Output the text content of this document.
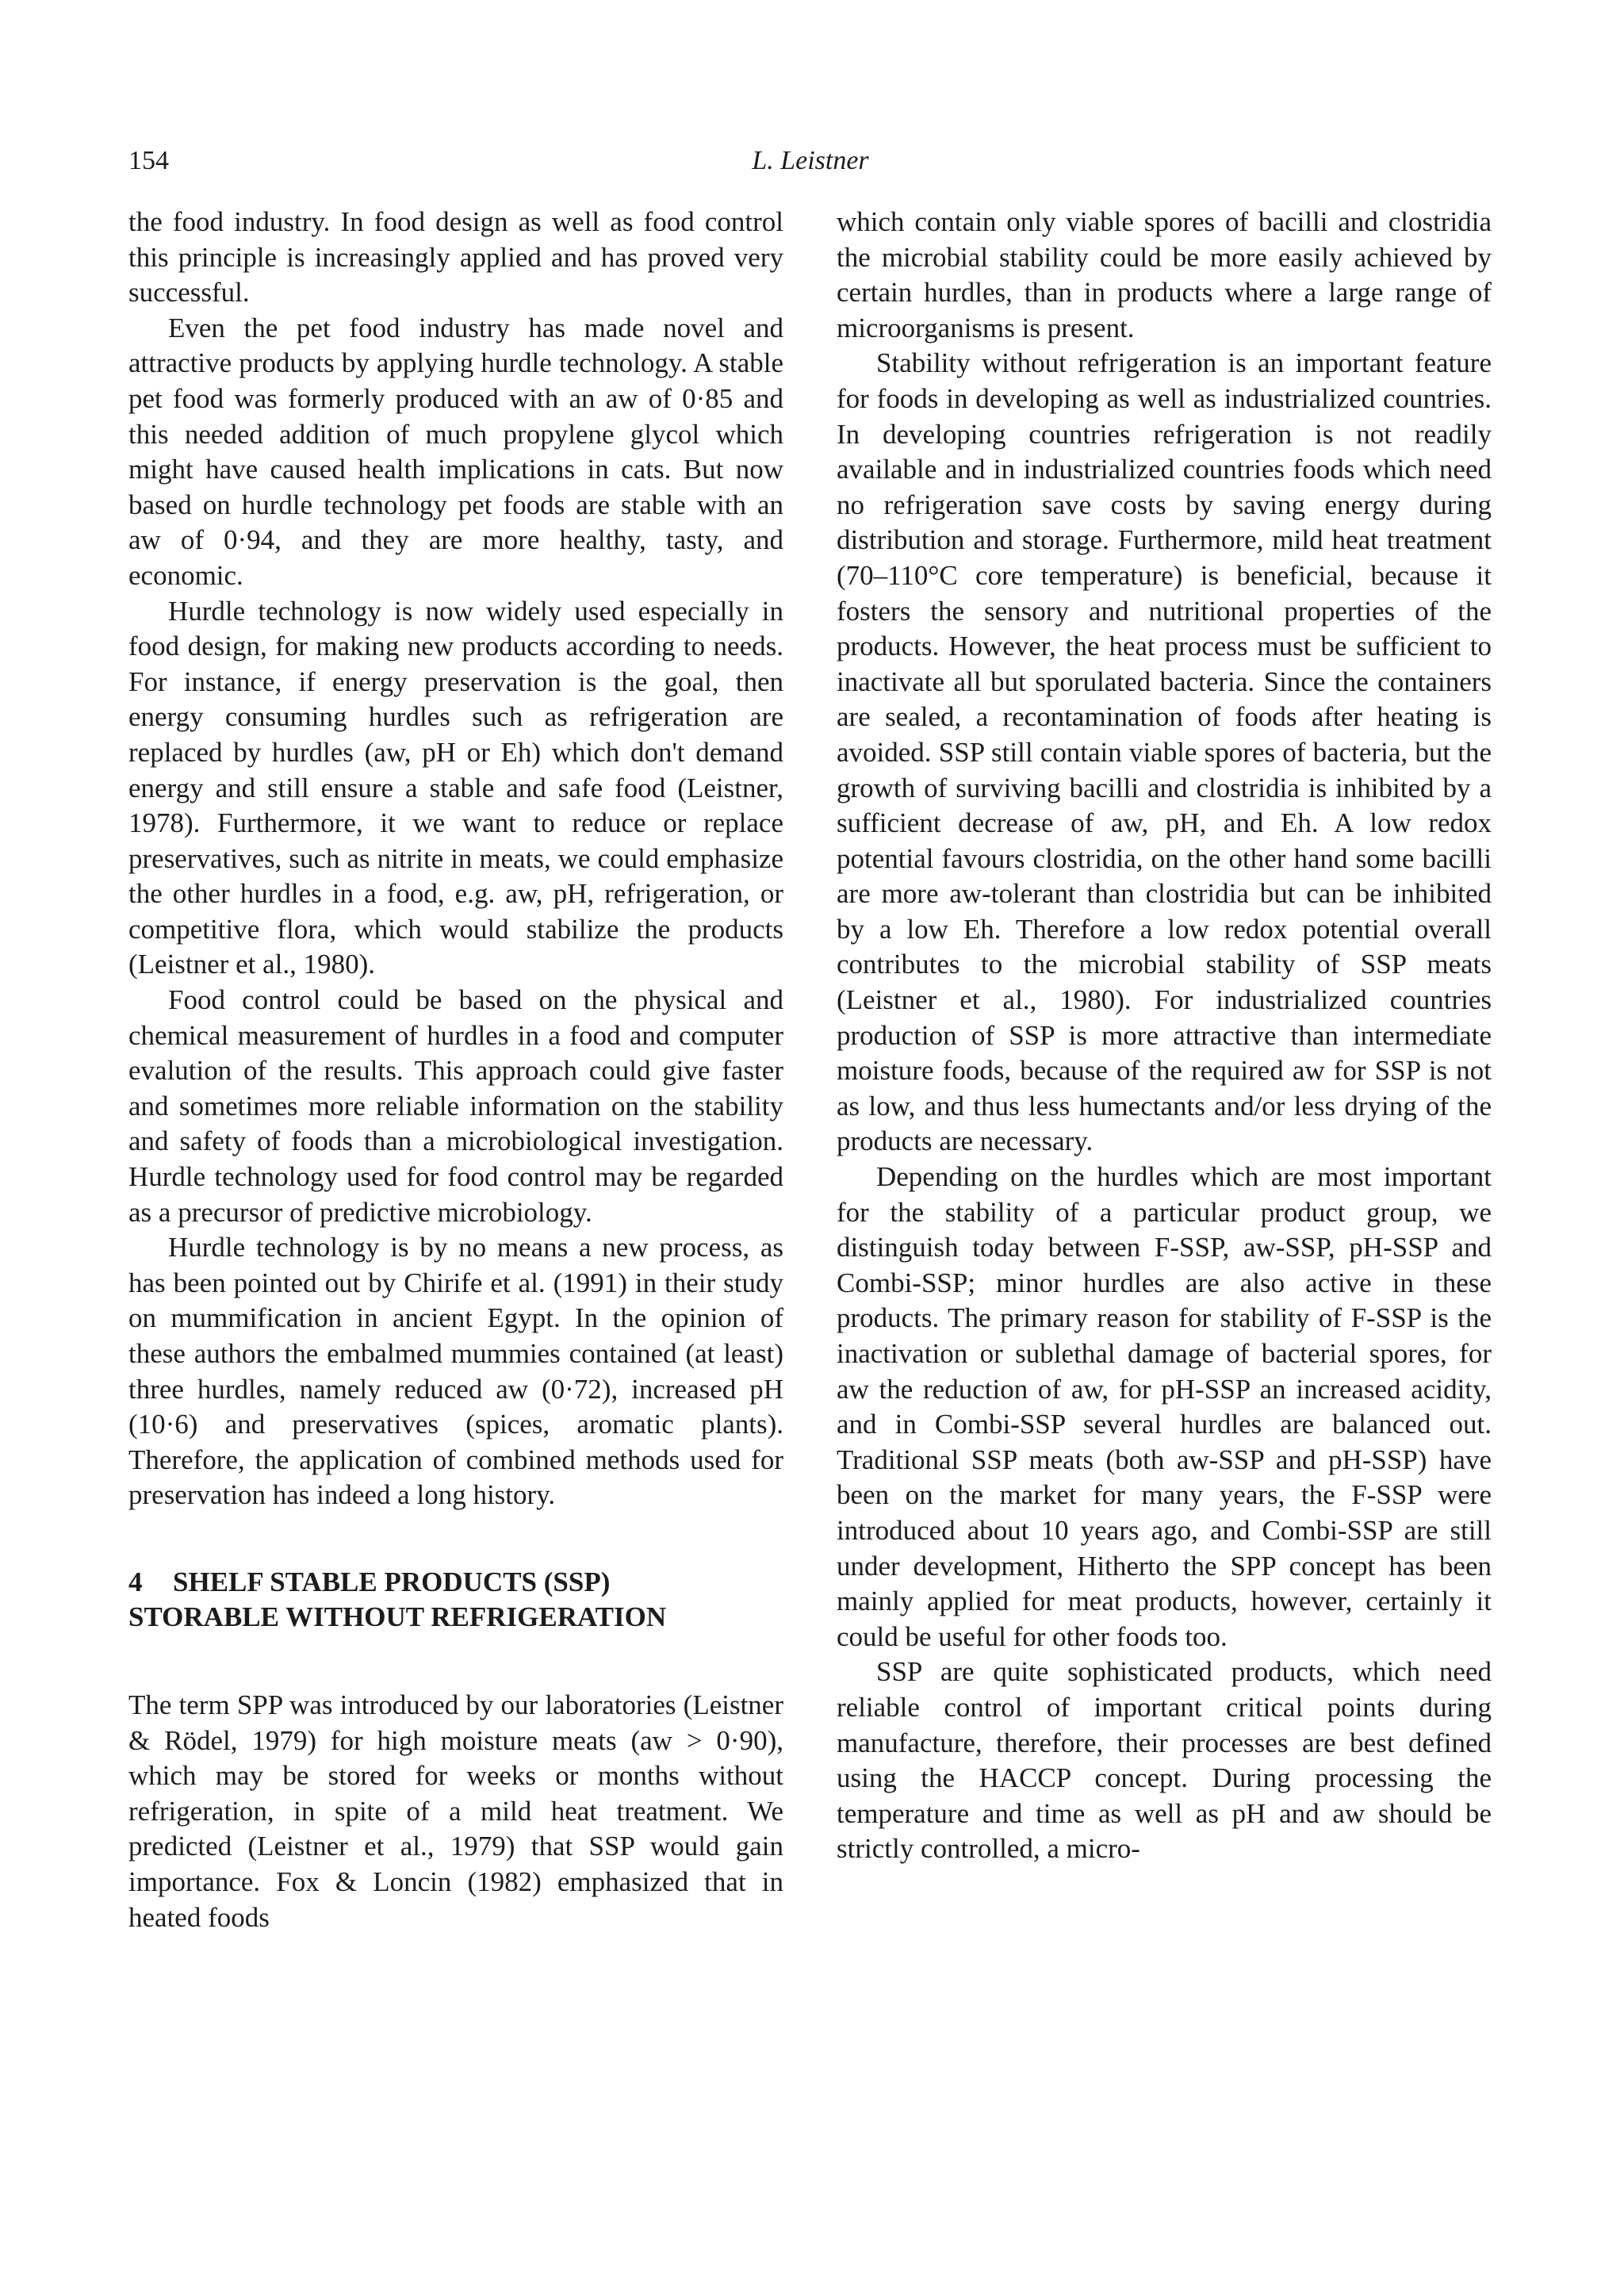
154	L. Leistner

the food industry. In food design as well as food control this principle is increasingly applied and has proved very successful.

Even the pet food industry has made novel and attractive products by applying hurdle technology. A stable pet food was formerly produced with an aw of 0·85 and this needed addition of much propylene glycol which might have caused health implications in cats. But now based on hurdle technology pet foods are stable with an aw of 0·94, and they are more healthy, tasty, and economic.

Hurdle technology is now widely used especially in food design, for making new products according to needs. For instance, if energy preservation is the goal, then energy consuming hurdles such as refrigeration are replaced by hurdles (aw, pH or Eh) which don't demand energy and still ensure a stable and safe food (Leistner, 1978). Furthermore, it we want to reduce or replace preservatives, such as nitrite in meats, we could emphasize the other hurdles in a food, e.g. aw, pH, refrigeration, or competitive flora, which would stabilize the products (Leistner et al., 1980).

Food control could be based on the physical and chemical measurement of hurdles in a food and computer evalution of the results. This approach could give faster and sometimes more reliable information on the stability and safety of foods than a microbiological investigation. Hurdle technology used for food control may be regarded as a precursor of predictive microbiology.

Hurdle technology is by no means a new process, as has been pointed out by Chirife et al. (1991) in their study on mummification in ancient Egypt. In the opinion of these authors the embalmed mummies contained (at least) three hurdles, namely reduced aw (0·72), increased pH (10·6) and preservatives (spices, aromatic plants). Therefore, the application of combined methods used for preservation has indeed a long history.

4 SHELF STABLE PRODUCTS (SSP)
STORABLE WITHOUT REFRIGERATION

The term SPP was introduced by our laboratories (Leistner & Rödel, 1979) for high moisture meats (aw > 0·90), which may be stored for weeks or months without refrigeration, in spite of a mild heat treatment. We predicted (Leistner et al., 1979) that SSP would gain importance. Fox & Loncin (1982) emphasized that in heated foods

which contain only viable spores of bacilli and clostridia the microbial stability could be more easily achieved by certain hurdles, than in products where a large range of microorganisms is present.

Stability without refrigeration is an important feature for foods in developing as well as industrialized countries. In developing countries refrigeration is not readily available and in industrialized countries foods which need no refrigeration save costs by saving energy during distribution and storage. Furthermore, mild heat treatment (70–110°C core temperature) is beneficial, because it fosters the sensory and nutritional properties of the products. However, the heat process must be sufficient to inactivate all but sporulated bacteria. Since the containers are sealed, a recontamination of foods after heating is avoided. SSP still contain viable spores of bacteria, but the growth of surviving bacilli and clostridia is inhibited by a sufficient decrease of aw, pH, and Eh. A low redox potential favours clostridia, on the other hand some bacilli are more aw-tolerant than clostridia but can be inhibited by a low Eh. Therefore a low redox potential overall contributes to the microbial stability of SSP meats (Leistner et al., 1980). For industrialized countries production of SSP is more attractive than intermediate moisture foods, because of the required aw for SSP is not as low, and thus less humectants and/or less drying of the products are necessary.

Depending on the hurdles which are most important for the stability of a particular product group, we distinguish today between F-SSP, aw-SSP, pH-SSP and Combi-SSP; minor hurdles are also active in these products. The primary reason for stability of F-SSP is the inactivation or sublethal damage of bacterial spores, for aw the reduction of aw, for pH-SSP an increased acidity, and in Combi-SSP several hurdles are balanced out. Traditional SSP meats (both aw-SSP and pH-SSP) have been on the market for many years, the F-SSP were introduced about 10 years ago, and Combi-SSP are still under development, Hitherto the SPP concept has been mainly applied for meat products, however, certainly it could be useful for other foods too.

SSP are quite sophisticated products, which need reliable control of important critical points during manufacture, therefore, their processes are best defined using the HACCP concept. During processing the temperature and time as well as pH and aw should be strictly controlled, a micro-
